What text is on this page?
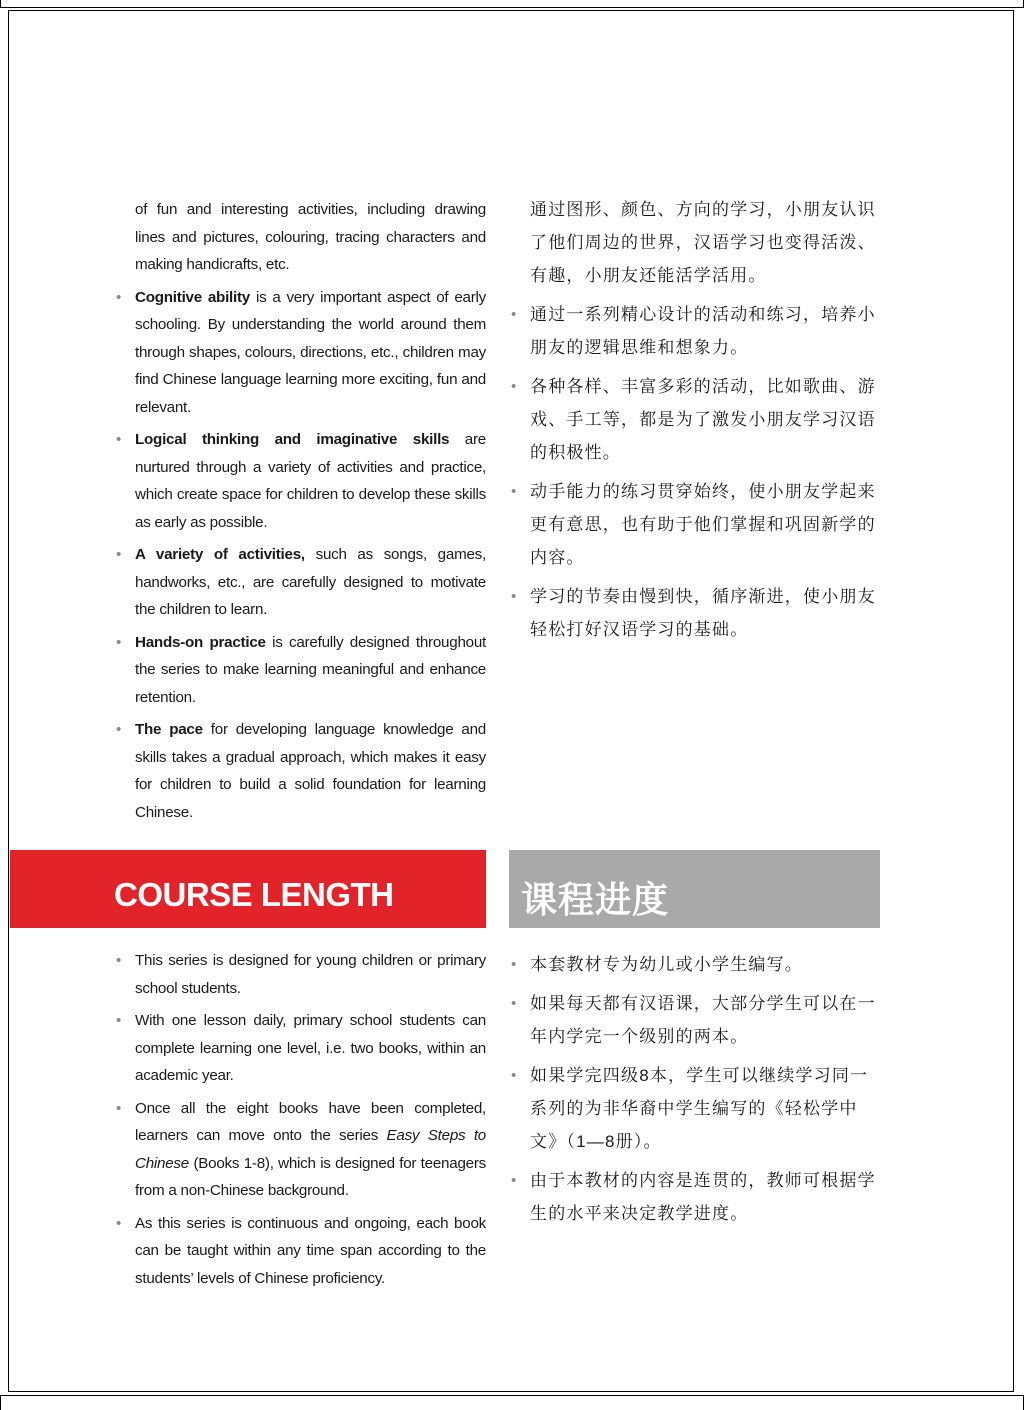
of fun and interesting activities, including drawing lines and pictures, colouring, tracing characters and making handicrafts, etc.

• Cognitive ability is a very important aspect of early schooling. By understanding the world around them through shapes, colours, directions, etc., children may find Chinese language learning more exciting, fun and relevant.
• Logical thinking and imaginative skills are nurtured through a variety of activities and practice, which create space for children to develop these skills as early as possible.
• A variety of activities, such as songs, games, handworks, etc., are carefully designed to motivate the children to learn.
• Hands-on practice is carefully designed throughout the series to make learning meaningful and enhance retention.
• The pace for developing language knowledge and skills takes a gradual approach, which makes it easy for children to build a solid foundation for learning Chinese.

通过图形、颜色、方向的学习，小朋友认识了他们周边的世界，汉语学习也变得活泼、有趣，小朋友还能活学活用。

• 通过一系列精心设计的活动和练习，培养小朋友的逻辑思维和想象力。
• 各种各样、丰富多彩的活动，比如歌曲、游戏、手工等，都是为了激发小朋友学习汉语的积极性。
• 动手能力的练习贯穿始终，使小朋友学起来更有意思，也有助于他们掌握和巩固新学的内容。
• 学习的节奏由慢到快，循序渐进，使小朋友轻松打好汉语学习的基础。
COURSE LENGTH	课程进度
• This series is designed for young children or primary school students.
• With one lesson daily, primary school students can complete learning one level, i.e. two books, within an academic year.
• Once all the eight books have been completed, learners can move onto the series Easy Steps to Chinese (Books 1-8), which is designed for teenagers from a non-Chinese background.
• As this series is continuous and ongoing, each book can be taught within any time span according to the students’ levels of Chinese proficiency.
• 本套教材专为幼儿或小学生编写。
• 如果每天都有汉语课，大部分学生可以在一年内学完一个级别的两本。
• 如果学完四级8本，学生可以继续学习同一系列的为非华裔中学生编写的《轻松学中文》（1—8册）。
• 由于本教材的内容是连贯的，教师可根据学生的水平来决定教学进度。
